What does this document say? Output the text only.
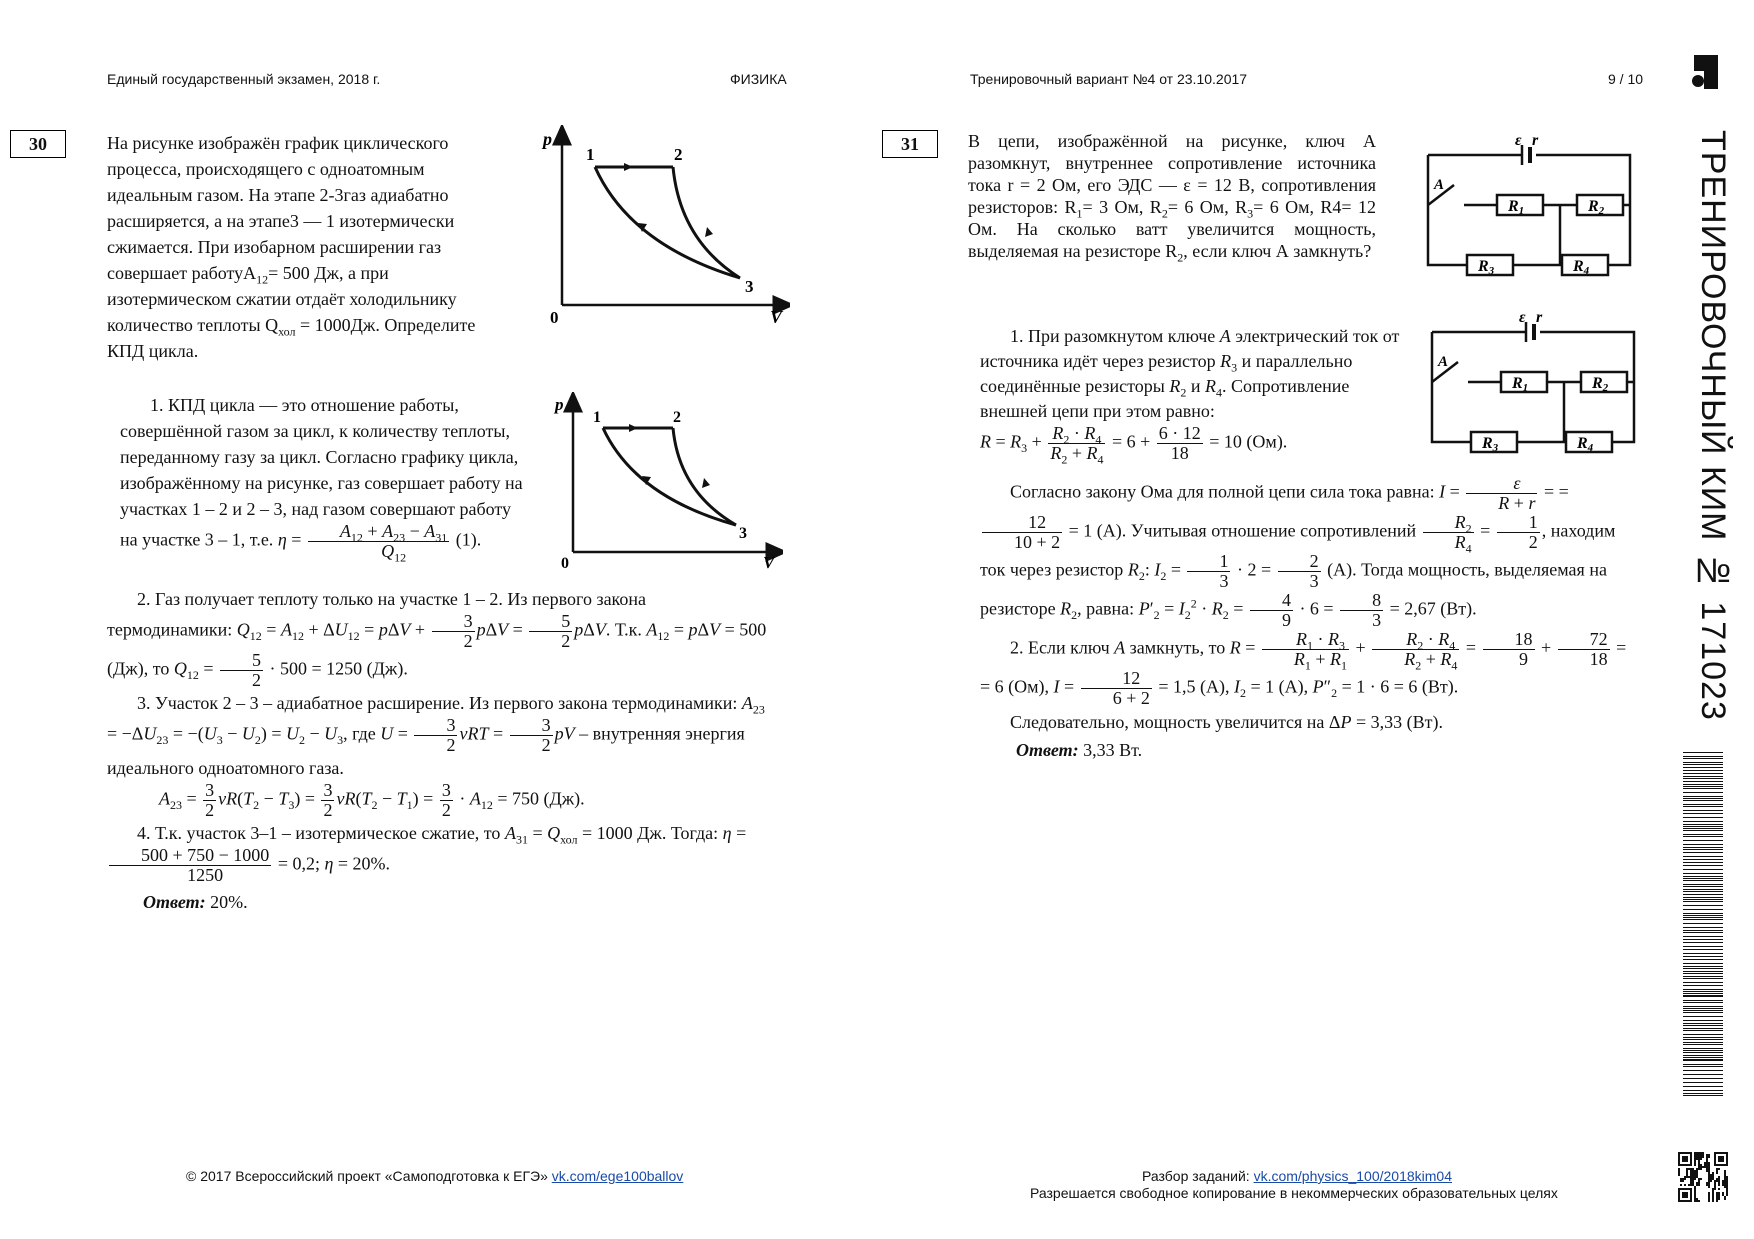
Единый государственный экзамен, 2018 г.	ФИЗИКА	Тренировочный вариант №4 от 23.10.2017	9 / 10
ТРЕНИРОВОЧНЫЙ КИМ № 171023
30	На рисунке изображён график циклического процесса, происходящего с одноатомным идеальным газом. На этапе 2-3газ адиабатно расширяется, а на этапе3 — 1 изотермически сжимается. При изобарном расширении газ совершает работуA$_{12}$= 500 Дж, а при изотермическом сжатии отдаёт холодильнику количество теплоты $Q_{хол} = 1000Дж$. Определите КПД цикла.
p
V
0
1	2
3

1. КПД цикла — это отношение работы, совершённой газом за цикл, к количеству теплоты, переданному газу за цикл. Согласно графику цикла, изображённому на рисунке, газ совершает работу на участках 1 – 2 и 2 – 3, над газом совершают работу на участке 3 – 1, т.е. $\eta = \frac{A_{12} + A_{23} - A_{31}}{Q_{12}} (1)$.

p
V
0
1	2
3

2. Газ получает теплоту только на участке 1 – 2. Из первого закона термодинамики: $Q_{12} = A_{12} + \Delta U_{12} = p\Delta V + \frac{3}{2}$ $p\Delta V = \frac{5}{2} p\Delta V$. Т.к. $A_{12} = p\Delta V = 500$ (Дж), то $Q_{12} = \frac{5}{2} \cdot 500 = 1250$ (Дж).

3. Участок 2 – 3 – адиабатное расширение. Из первого закона термодинамики: $A_{23} = -\Delta U_{23} = -(U_3 - U_2) = U_2 - U_3$, где $U = \frac{3}{2}$ $\nu RT = \frac{3}{2}$ pV – внутренняя энергия идеального одноатомного газа.

$A_{23} = \frac{3}{2} \nu R(T_2 - T_3) = \frac{3}{2} \nu R(T_2 - T_1) = \frac{3}{2} \cdot A_{12} = 750$ (Дж).

4. Т.к. участок 3–1 – изотермическое сжатие, то $A_{31} = Q_{хол} = 1000$ Дж. Тогда: η =
$\frac{500 + 750 - 1000}{1250} = 0,2$; η = 20%.

Ответ: 20%.

31	В цепи, изображённой на рисунке, ключ А разомкнут, внутреннее сопротивление источника тока r = 2 Ом, его ЭДС — ε = 12 В, сопротивления резисторов: $R_1= 3$ Ом, $R_2= 6$ Ом, $R_3= 6$ Ом, R4= 12 Ом. На сколько ватт увеличится мощность, выделяемая на резисторе $R_2$, если ключ А замкнуть?
ε r
A
R1	R2
R3	R4
ε r
A
R1	R2
R3	R4

1. При разомкнутом ключе A электрический ток от источника идёт через резистор $R_3$ и параллельно соединённые резисторы $R_2$ и $R_4$. Сопротивление внешней цепи при этом равно:

$R = R_3 + \frac{R_2 \cdot R_4}{R_2 + R_4} = 6 + \frac{6 \cdot 12}{18} = 10$ (Ом).

Согласно закону Ома для полной цепи сила тока равна: $I = \frac{\varepsilon}{R + r}$ = =
$\frac{12}{10 + 2} = 1$ (А). Учитывая отношение сопротивлений $\frac{R_2}{R_4} = \frac{1}{2}$ , находим ток через резистор $R_2$: $I_2 = \frac{1}{3} \cdot 2 = \frac{2}{3} (А)$. Тогда мощность, выделяемая на резисторе $R_2$, равна: $P'_2 = I_2^2 \cdot R_2 = \frac{4}{9} \cdot 6 = \frac{8}{3} = 2,67$ (Вт).

2. Если ключ A замкнуть, то $R = \frac{R_1 \cdot R_3}{R_1 + R_1} + \frac{R_2 \cdot R_4}{R_2 + R_4} = \frac{18}{9} + \frac{72}{18}$ = = 6 (Ом), $I = \frac{12}{6 + 2} = 1,5$ (А), $I_2 = 1$ (А), $P''_2 = 1 \cdot 6 = 6$ (Вт).

Следовательно, мощность увеличится на ΔP = 3,33 (Вт).

Ответ: 3,33 Вт.

© 2017 Всероссийский проект «Самоподготовка к ЕГЭ» vk.com/ege100ballov	Разбор заданий: vk.com/physics_100/2018kim04
Разрешается свободное копирование в некоммерческих образовательных целях
